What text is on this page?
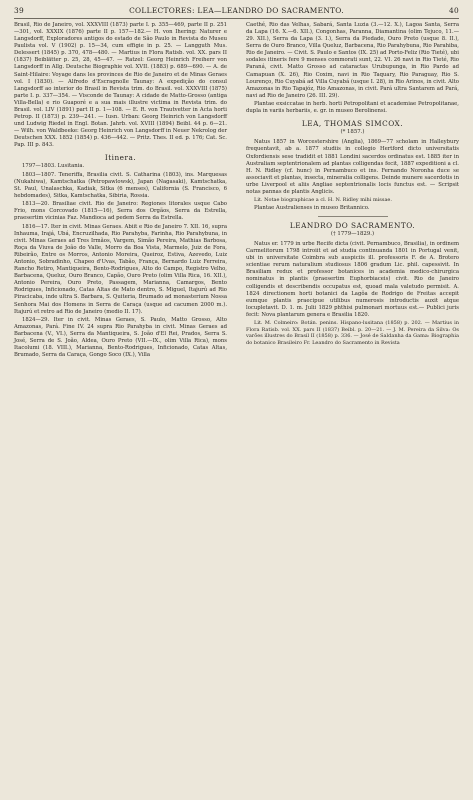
39	COLLECTORES: LEA—LEANDRO DO SACRAMENTO.	40

Brasil, Rio de Janeiro, vol. XXXVIII (1873) parte I. p. 355—469, parte II p. 251—301, vol. XXXIX (1876) parte II p. 157—182.— H. von Ihering: Naturer e Langsdorff, Exploradores antigos do estado de São Paulo in Revista do Museu Paulista vol. V (1902) p. 15—34, cum effigie in p. 25. — Langguth Mus. Delessert (1845) p. 370, 478—480. — Martius in Flora Ratisb. vol. XX. pars II (1837) Beiblätter p. 25, 28, 45—47. — Ratzel: Georg Heinrich Freiherr von Langsdorff in Allg. Deutsche Biographie vol. XVII. (1883) p. 689—690. — A. de Saint-Hilaire: Voyage dans les provinces de Rio de Janeiro et de Minas Geraes vol. I (1830). — Alfredo d'Escragnolle Taunay: A expedição do consul Langsdorff ao interior do Brasil in Revista trim. do Brasil. vol. XXXVIII (1875) parte I. p. 337—354. — Visconde de Taunay: A cidade de Matto-Grosso (antiga Villa-Bella) e rio Guaporé e a sua mais illustre victima in Revista trim. do Brasil. vol. LIV (1891) part II p. 1—108. — E. R. von Trautvetter in Acta horti Petrop. II (1873) p. 239—241. — Iusn. Urban: Georg Heinrich von Langsdorff und Ludwig Riedel in Engl. Botan. Jahrb. vol. XVIII (1894) Beibl. 44 p. 6—21. — Wilh. von Waldbeeke: Georg Heinrich von Langsdorff in Neuer Nekrolog der Deutschen XXX. 1852 (1854) p. 436—442. — Pritz. Thes. II ed. p. 176; Cat. Sc. Pap. III p. 843.

Itinera.

1797—1803. Lusitania.

1803—1807. Teneriffa, Brasilia civit. S. Catharina (1803), ins. Marquesas (Nukahiwa), Kamtschatka (Petropawlowsk), Japan (Nagasaki), Kamtschatka, St. Paul, Unalaschka, Kadiak, Sitka (6 menses), California (S. Francisco, 6 hebdomades), Sitka, Kamtschatka, Sibiria, Rossia.

1813—20. Brasiliae civit. Rio de Janeiro: Regiones litorales usque Cabo Frio, mons Corcovado (1815—16), Serra dos Orgãos, Serra da Estrella, praesertim vicinias Faz. Mandioca ad pedem Serra da Estrella.

1816—17. Iter in civit. Minas Geraes. Abiit e Rio de Janeiro 7. XII. 16, supra Inhauma, Irajá, Ubá, Encruzilhada, Rio Parahyba, Farinha, Rio Parahybuna, in civit. Minas Geraes ad Tres Irmãos, Vargem, Simão Pereira, Mathias Barbosa, Roça da Viuva de João do Valle, Morro da Boa Vista, Marmelo, Juiz de Fora, Ribeirão, Entre os Morros, Antonio Moreira, Queiroz, Estiva, Azevedo, Luiz Antonio, Sobradinho, Chapeo d'Uvas, Tabão, França, Bernardo Luiz Ferreira, Rancho Retiro, Mantiqueira, Bento-Rodrigues, Alto do Campo, Registro Velho, Barbacena, Queluz, Ouro Branco, Capão, Ouro Preto (olim Villa Rica, 16. XII.), Antonio Pereira, Ouro Preto, Passagem, Marianna, Camargos, Bento Rodrigues, Inficionado, Catas Altas de Mato dentro, S. Miguel, Itajurú ad Rio Piracicaba, inde ultra S. Barbara, S. Quiteria, Brumado ad monasterium Nossa Senhora Mai dos Homens in Serra de Caraça (usque ad cacumen 2000 m.). Itajurú et retro ad Rio de Janeiro (medio II. 17).

1824—29. Iter in civit. Minas Geraes, S. Paulo, Matto Grosso, Alto Amazonas, Pará. Fine IV. 24 supra Rio Parahyba in civit. Minas Geraes ad Barbacena (V., VI.), Serra da Mantiqueira, S. João d'El Rei, Prados, Serra S. José, Serra de S. João, Aldea, Ouro Preto (VII.—IX., olim Villa Rica), mons Itacolumi (18. VIII.), Marianna, Bento-Rodrigues, Inficionado, Catas Altas, Brumado, Serra da Caraça, Gongo Soco (IX.), Villa

Caethé, Rio das Velhas, Sabará, Santa Luzia (3.—12. X.), Lagoa Santa, Serra da Lapa (16. X.—6. XII.), Congonhas, Paranna, Diamantina (olim Tejuco, 11.—29. XII.), Serra da Lapa (3. I.), Serra da Piedade, Ouro Preto (usque 8. II.), Serra de Ouro Branco, Villa Queluz, Barbacena, Rio Parahybuna, Rio Parahiba, Rio de Janeiro. — Civit. S. Paulo e Santos (IX. 25) ad Porto-Feliz (Rio Tieté), ubi sodales itineris fere 9 menses commorati sunt, 22. VI. 26 navi in Rio Tieté, Rio Paraná, civit. Matto Grosso ad cataractas Urubupunga, in Rio Pardo ad Camapuan (X. 26), Rio Coxim, navi in Rio Taquary, Rio Paraguay, Rio S. Lourenço, Rio Cuyabá ad Villa Cuyabá (usque I. 28), in Rio Arinos, in civit. Alto Amazonas in Rio Tapajóz, Rio Amazonas, in civit. Pará ultra Santarem ad Pará, navi ad Rio de Janeiro (26. III. 29).

Plantae exsiccatae in herb. horti Petropolitani et academiae Petropolitanae, dupla in variis herbariis, e. gr. in museo Berolinensi.

LEA, THOMAS SIMCOX.
(* 1857.)

Natus 1857 in Worcestershire (Anglia), 1869—77 scholam in Halleybury frequentavit, ab a. 1877 studiis in collegio Hertford dicto universitatis Oxfordiensis sese tradidit et 1881 Londini sacerdos ordinatus est. 1885 iter in Australiam septentrionalem ad plantas colligendas fecit, 1887 expeditioni a cl. H. N. Ridley (cf. hunc) in Pernambuco et ins. Fernando Noronha duce se associavit et plantas, insecta, mineralia colligens. Deinde munere sacerdotis in urbe Liverpool et aliis Angliae septentrionalis locis functus est. — Scripsit notas pannas de plantis Anglicis.

Lit. Notae biographicae a cl. H. N. Ridley mihi missae.

Plantae Australienses in museo Britannico.

LEANDRO DO SACRAMENTO.
(† 1779—1829.)

Natus er. 1779 in urbe Recife dicta (civit. Pernambuco, Brasilia), in ordinem Carmelitorum 1798 introiit et ad studia continuanda 1801 in Portugal venit, ubi in universitate Coimbra sub auspiciis ill. professoris F. de A. Brotero scientiae rerum naturalium studiosus 1806 gradum Lic. phil. capessivit. In Brasiliam redux et professor botanices in academia medico-chirurgica nominatus in plantis (praesertim Euphorbiaceis) civit. Rio de Janeiro colligendis et describendis occupatus est, quoad mala valetudo permisit. A. 1824 directionem horti botanici da Lagôa de Rodrigo de Freitas accepit eumque plantis praecipue utilibus numerosis introductis auxit atque locupletavit. D. 1. m. Julii 1829 phthisi pulmonari mortuus est.— Publici juris fecit: Nova plantarum genera e Brasilia 1820.

Lit. M. Colmeiro: Botán. penins. Hispano-lusitana (1858) p. 202. — Martius in Flora Ratisb. vol. XX. pars II (1837) Beibl. p. 20—21. — J. M. Pereira da Silva: Os varões illustres do Brasil II (1858) p. 336. — José de Saldanha da Gama: Biographia do botanico Brasileiro Fr. Leandro do Sacramento in Revista
